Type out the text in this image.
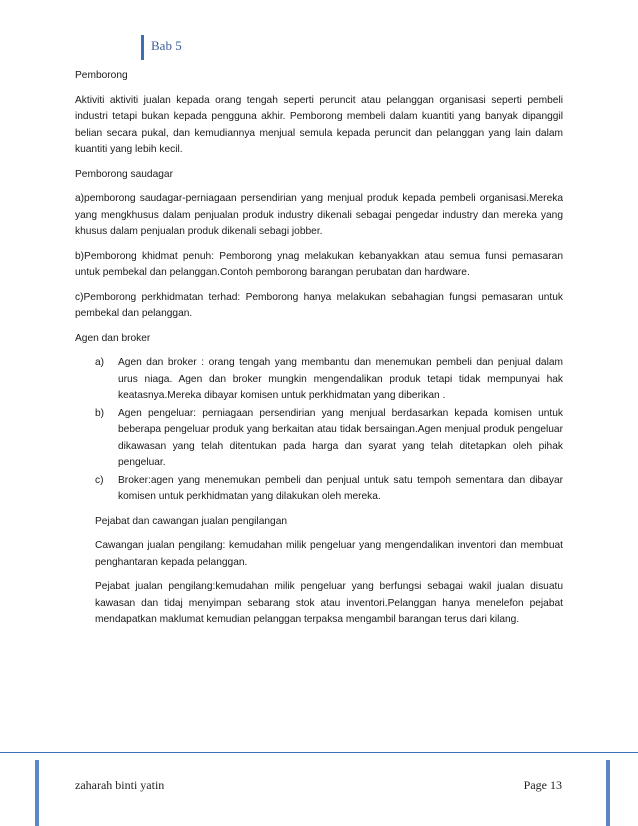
Bab 5

Pemborong

Aktiviti aktiviti jualan kepada orang tengah seperti peruncit atau pelanggan organisasi seperti pembeli industri tetapi bukan kepada pengguna akhir. Pemborong membeli dalam kuantiti yang banyak dipanggil belian secara pukal, dan kemudiannya menjual semula kepada peruncit dan pelanggan yang lain dalam kuantiti yang lebih kecil.

Pemborong saudagar

a)pemborong saudagar-perniagaan persendirian yang menjual produk kepada pembeli organisasi.Mereka yang mengkhusus dalam penjualan produk industry dikenali sebagai pengedar industry dan mereka yang khusus dalam penjualan produk dikenali sebagi jobber.

b)Pemborong khidmat penuh: Pemborong ynag melakukan kebanyakkan atau semua funsi pemasaran untuk pembekal dan pelanggan.Contoh pemborong barangan perubatan dan hardware.

c)Pemborong perkhidmatan terhad: Pemborong hanya melakukan sebahagian fungsi pemasaran untuk pembekal dan pelanggan.

Agen dan broker

a) Agen dan broker : orang tengah yang membantu dan menemukan pembeli dan penjual dalam urus niaga. Agen dan broker mungkin mengendalikan produk tetapi tidak mempunyai hak keatasnya.Mereka dibayar komisen untuk perkhidmatan yang diberikan .
b) Agen pengeluar: perniagaan persendirian yang menjual berdasarkan kepada komisen untuk beberapa pengeluar produk yang berkaitan atau tidak bersaingan.Agen menjual produk pengeluar dikawasan yang telah ditentukan pada harga dan syarat yang telah ditetapkan oleh pihak pengeluar.
c) Broker:agen yang menemukan pembeli dan penjual untuk satu tempoh sementara dan dibayar komisen untuk perkhidmatan yang dilakukan oleh mereka.

Pejabat dan cawangan jualan pengilangan

Cawangan jualan pengilang: kemudahan milik pengeluar yang mengendalikan inventori dan membuat penghantaran kepada pelanggan.

Pejabat jualan pengilang:kemudahan milik pengeluar yang berfungsi sebagai wakil jualan disuatu kawasan dan tidaj menyimpan sebarang stok atau inventori.Pelanggan hanya menelefon pejabat mendapatkan maklumat kemudian pelanggan terpaksa mengambil barangan terus dari kilang.

zaharah binti yatin	Page 13
